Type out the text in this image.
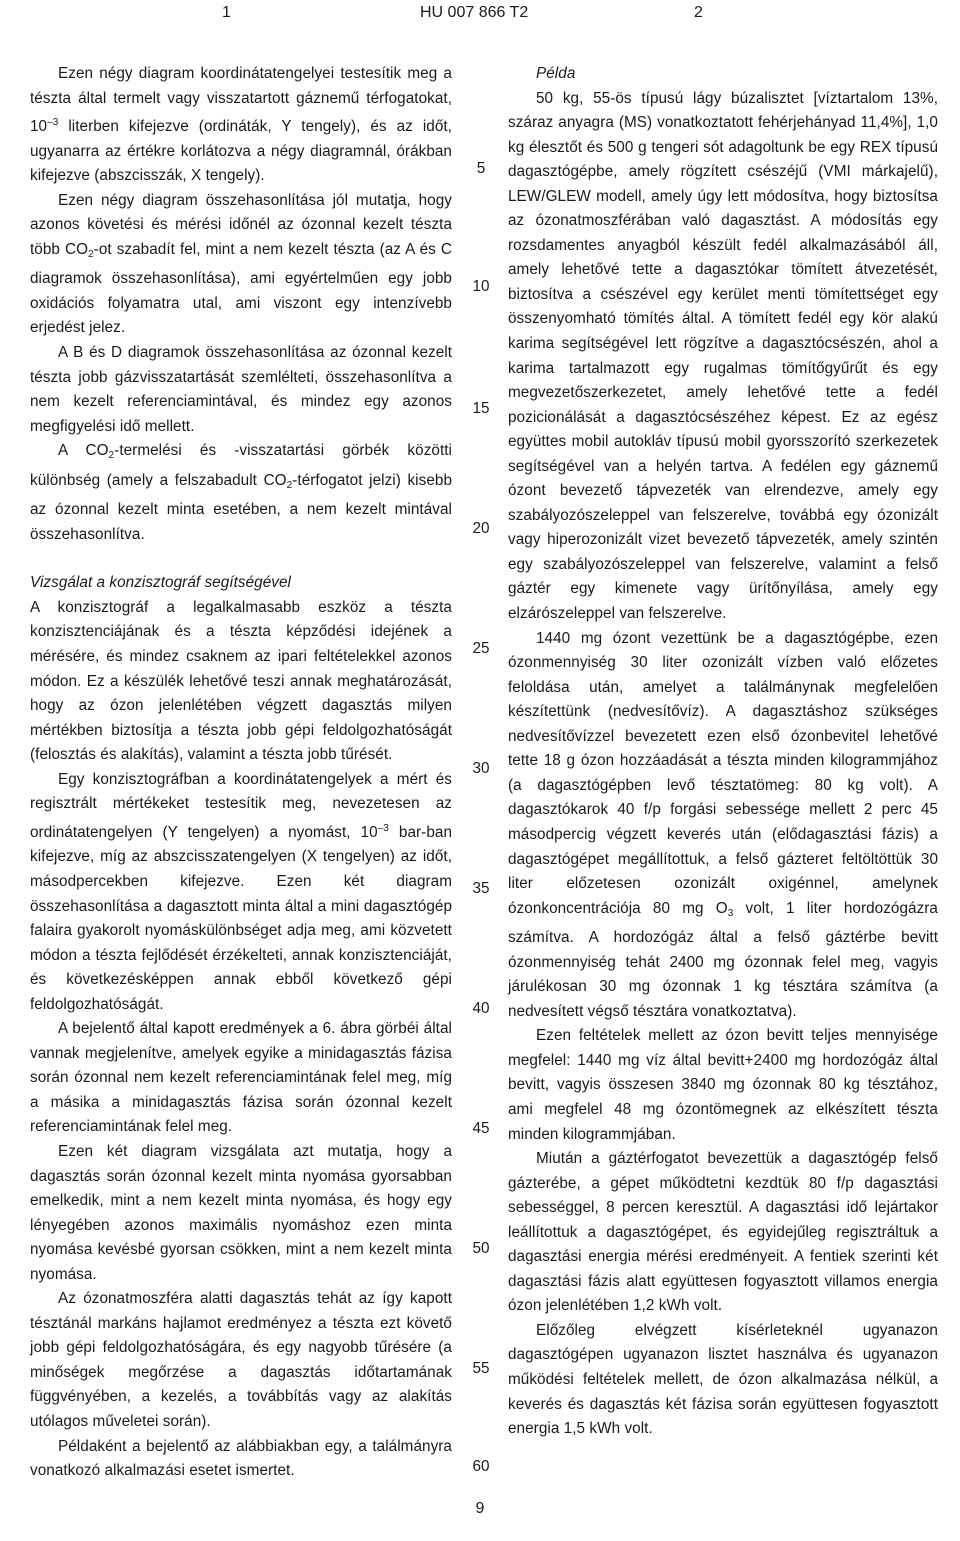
1	HU 007 866 T2	2

Ezen négy diagram koordinátatengelyei testesítik meg a tészta által termelt vagy visszatartott gáznemű térfogatokat, $10^{-3}$ literben kifejezve (ordináták, Y tengely), és az időt, ugyanarra az értékre korlátozva a négy diagramnál, órákban kifejezve (abszcisszák, X tengely).

Ezen négy diagram összehasonlítása jól mutatja, hogy azonos követési és mérési időnél az ózonnal kezelt tészta több $CO_2-ot$ szabadít fel, mint a nem kezelt tészta (az A és C diagramok összehasonlítása), ami egyértelműen egy jobb oxidációs folyamatra utal, ami viszont egy intenzívebb erjedést jelez.

A B és D diagramok összehasonlítása az ózonnal kezelt tészta jobb gázvisszatartását szemlélteti, összehasonlítva a nem kezelt referenciamintával, és mindez egy azonos megfigyelési idő mellett.

A $CO_2$-termelési és -visszatartási görbék közötti különbség (amely a felszabadult $CO_2$-térfogatot jelzi) kisebb az ózonnal kezelt minta esetében, a nem kezelt mintával összehasonlítva.

Vizsgálat a konzisztográf segítségével

A konzisztográf a legalkalmasabb eszköz a tészta konzisztenciájának és a tészta képződési idejének a mérésére, és mindez csaknem az ipari feltételekkel azonos módon. Ez a készülék lehetővé teszi annak meghatározását, hogy az ózon jelenlétében végzett dagasztás milyen mértékben biztosítja a tészta jobb gépi feldolgozhatóságát (felosztás és alakítás), valamint a tészta jobb tűrését.

Egy konzisztográfban a koordinátatengelyek a mért és regisztrált mértékeket testesítik meg, nevezetesen az ordinátatengelyen (Y tengelyen) a nyomást, $10^{-3}$ bar-ban kifejezve, míg az abszcisszatengelyen (X tengelyen) az időt, másodpercekben kifejezve. Ezen két diagram összehasonlítása a dagasztott minta által a mini dagasztógép falaira gyakorolt nyomáskülönbséget adja meg, ami közvetett módon a tészta fejlődését érzékelteti, annak konzisztenciáját, és következésképpen annak ebből következő gépi feldolgozhatóságát.

A bejelentő által kapott eredmények a 6. ábra görbéi által vannak megjelenítve, amelyek egyike a minidagasztás fázisa során ózonnal nem kezelt referenciamintának felel meg, míg a másika a minidagasztás fázisa során ózonnal kezelt referenciamintának felel meg.

Ezen két diagram vizsgálata azt mutatja, hogy a dagasztás során ózonnal kezelt minta nyomása gyorsabban emelkedik, mint a nem kezelt minta nyomása, és hogy egy lényegében azonos maximális nyomáshoz ezen minta nyomása kevésbé gyorsan csökken, mint a nem kezelt minta nyomása.

Az ózonatmoszféra alatti dagasztás tehát az így kapott tésztánál markáns hajlamot eredményez a tészta ezt követő jobb gépi feldolgozhatóságára, és egy nagyobb tűrésére (a minőségek megőrzése a dagasztás időtartamának függvényében, a kezelés, a továbbítás vagy az alakítás utólagos műveletei során).

Példaként a bejelentő az alábbiakban egy, a találmányra vonatkozó alkalmazási esetet ismertet.

5
10
15
20
25
30
35
40
45
50
55
60

Példa

50 kg, 55-ös típusú lágy búzalisztet [víztartalom 13%, száraz anyagra (MS) vonatkoztatott fehérjehányad 11,4%], 1,0 kg élesztőt és 500 g tengeri sót adagoltunk be egy REX típusú dagasztógépbe, amely rögzített csészéjű (VMI márkajelű), LEW/GLEW modell, amely úgy lett módosítva, hogy biztosítsa az ózonatmoszférában való dagasztást. A módosítás egy rozsdamentes anyagból készült fedél alkalmazásából áll, amely lehetővé tette a dagasztókar tömített átvezetését, biztosítva a csészével egy kerület menti tömítettséget egy összenyomható tömítés által. A tömített fedél egy kör alakú karima segítségével lett rögzítve a dagasztócsészén, ahol a karima tartalmazott egy rugalmas tömítőgyűrűt és egy megvezetőszerkezetet, amely lehetővé tette a fedél pozicionálását a dagasztócsészéhez képest. Ez az egész együttes mobil autokláv típusú mobil gyorsszorító szerkezetek segítségével van a helyén tartva. A fedélen egy gáznemű ózont bevezető tápvezeték van elrendezve, amely egy szabályozószeleppel van felszerelve, továbbá egy ózonizált vagy hiperozonizált vizet bevezető tápvezeték, amely szintén egy szabályozószeleppel van felszerelve, valamint a felső gáztér egy kimenete vagy ürítőnyílása, amely egy elzárószeleppel van felszerelve.

1440 mg ózont vezettünk be a dagasztógépbe, ezen ózonmennyiség 30 liter ozonizált vízben való előzetes feloldása után, amelyet a találmánynak megfelelően készítettünk (nedvesítővíz). A dagasztáshoz szükséges nedvesítővízzel bevezetett ezen első ózonbevitel lehetővé tette 18 g ózon hozzáadását a tészta minden kilogrammjához (a dagasztógépben levő tésztatömeg: 80 kg volt). A dagasztókarok 40 f/p forgási sebessége mellett 2 perc 45 másodpercig végzett keverés után (elődagasztási fázis) a dagasztógépet megállítottuk, a felső gázteret feltöltöttük 30 liter előzetesen ozonizált oxigénnel, amelynek ózonkoncentrációja 80 mg $O_3$ volt, 1 liter hordozógázra számítva. A hordozógáz által a felső gáztérbe bevitt ózonmennyiség tehát 2400 mg ózonnak felel meg, vagyis járulékosan 30 mg ózonnak 1 kg tésztára számítva (a nedvesített végső tésztára vonatkoztatva).

Ezen feltételek mellett az ózon bevitt teljes mennyisége megfelel: 1440 mg víz által bevitt+2400 mg hordozógáz által bevitt, vagyis összesen 3840 mg ózonnak 80 kg tésztához, ami megfelel 48 mg ózontömegnek az elkészített tészta minden kilogrammjában.

Miután a gáztérfogatot bevezettük a dagasztógép felső gázterébe, a gépet működtetni kezdtük 80 f/p dagasztási sebességgel, 8 percen keresztül. A dagasztási idő lejártakor leállítottuk a dagasztógépet, és egyidejűleg regisztráltuk a dagasztási energia mérési eredményeit. A fentiek szerinti két dagasztási fázis alatt együttesen fogyasztott villamos energia ózon jelenlétében 1,2 kWh volt.

Előzőleg elvégzett kísérleteknél ugyanazon dagasztógépen ugyanazon lisztet használva és ugyanazon működési feltételek mellett, de ózon alkalmazása nélkül, a keverés és dagasztás két fázisa során együttesen fogyasztott energia 1,5 kWh volt.

9
